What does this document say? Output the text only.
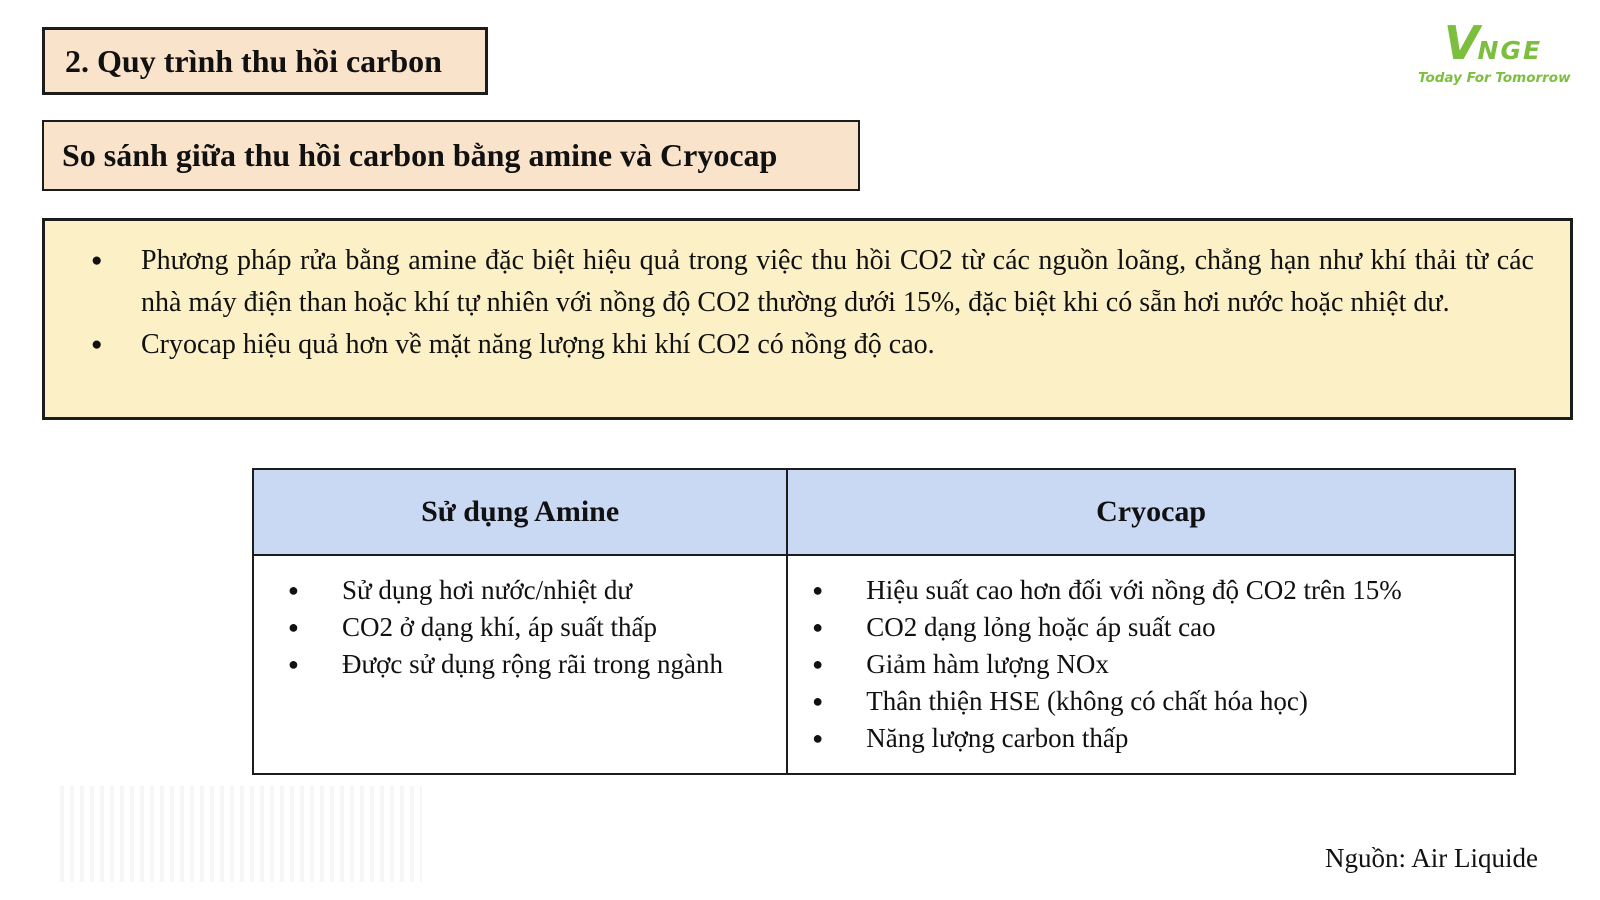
2. Quy trình thu hồi carbon	VNGE
Today For Tomorrow
So sánh giữa thu hồi carbon bằng amine và Cryocap
● Phương pháp rửa bằng amine đặc biệt hiệu quả trong việc thu hồi CO2 từ các nguồn loãng, chẳng hạn như khí thải từ các nhà máy điện than hoặc khí tự nhiên với nồng độ CO2 thường dưới 15%, đặc biệt khi có sẵn hơi nước hoặc nhiệt dư.
● Cryocap hiệu quả hơn về mặt năng lượng khi khí CO2 có nồng độ cao.
Sử dụng Amine	Cryocap
● Sử dụng hơi nước/nhiệt dư
● CO2 ở dạng khí, áp suất thấp
● Được sử dụng rộng rãi trong ngành
● Hiệu suất cao hơn đối với nồng độ CO2 trên 15%
● CO2 dạng lỏng hoặc áp suất cao
● Giảm hàm lượng NOx
● Thân thiện HSE (không có chất hóa học)
● Năng lượng carbon thấp
Nguồn: Air Liquide
